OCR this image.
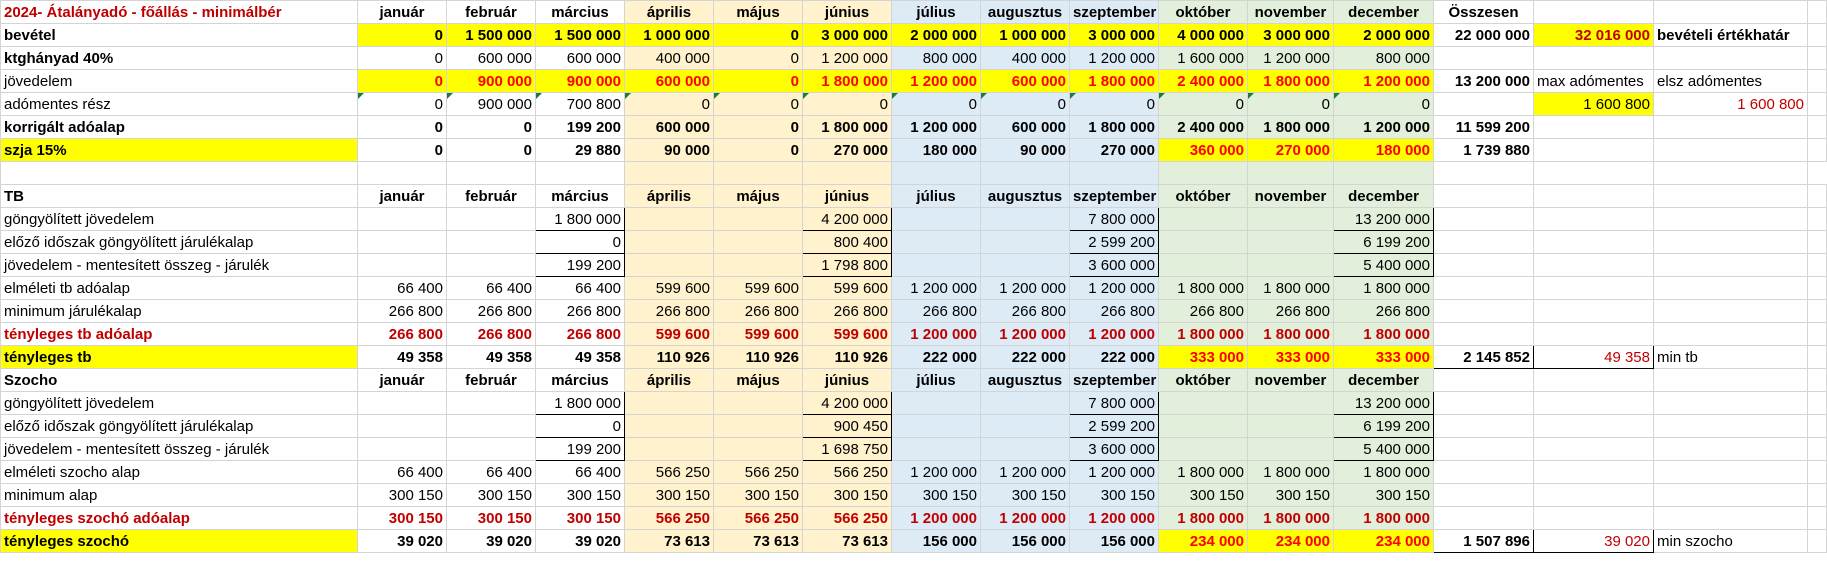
2024- Átalányadó - főállás - minimálbér	január	február	március	április	május	június	július	augusztus	szeptember	október	november	december	Összesen			
bevétel	0	1 500 000	1 500 000	1 000 000	0	3 000 000	2 000 000	1 000 000	3 000 000	4 000 000	3 000 000	2 000 000	22 000 000	32 016 000	bevételi értékhatár	
ktghányad 40%	0	600 000	600 000	400 000	0	1 200 000	800 000	400 000	1 200 000	1 600 000	1 200 000	800 000				
jövedelem	0	900 000	900 000	600 000	0	1 800 000	1 200 000	600 000	1 800 000	2 400 000	1 800 000	1 200 000	13 200 000	max adómentes	elsz adómentes	
adómentes rész	0	900 000	700 800	0	0	0	0	0	0	0	0	0		1 600 800	1 600 800	
korrigált adóalap	0	0	199 200	600 000	0	1 800 000	1 200 000	600 000	1 800 000	2 400 000	1 800 000	1 200 000	11 599 200			
szja 15%	0	0	29 880	90 000	0	270 000	180 000	90 000	270 000	360 000	270 000	180 000	1 739 880			

TB	január	február	március	április	május	június	július	augusztus	szeptember	október	november	december				
göngyölített jövedelem			1 800 000			4 200 000			7 800 000			13 200 000				
előző időszak göngyölített járulékalap			0			800 400			2 599 200			6 199 200				
jövedelem - mentesített összeg - járulék			199 200			1 798 800			3 600 000			5 400 000				
elméleti tb adóalap	66 400	66 400	66 400	599 600	599 600	599 600	1 200 000	1 200 000	1 200 000	1 800 000	1 800 000	1 800 000				
minimum járulékalap	266 800	266 800	266 800	266 800	266 800	266 800	266 800	266 800	266 800	266 800	266 800	266 800				
tényleges tb adóalap	266 800	266 800	266 800	599 600	599 600	599 600	1 200 000	1 200 000	1 200 000	1 800 000	1 800 000	1 800 000				
tényleges tb	49 358	49 358	49 358	110 926	110 926	110 926	222 000	222 000	222 000	333 000	333 000	333 000	2 145 852	49 358	min tb	
Szocho	január	február	március	április	május	június	július	augusztus	szeptember	október	november	december				
göngyölített jövedelem			1 800 000			4 200 000			7 800 000			13 200 000				
előző időszak göngyölített járulékalap			0			900 450			2 599 200			6 199 200				
jövedelem - mentesített összeg - járulék			199 200			1 698 750			3 600 000			5 400 000				
elméleti szocho alap	66 400	66 400	66 400	566 250	566 250	566 250	1 200 000	1 200 000	1 200 000	1 800 000	1 800 000	1 800 000				
minimum alap	300 150	300 150	300 150	300 150	300 150	300 150	300 150	300 150	300 150	300 150	300 150	300 150				
tényleges szochó adóalap	300 150	300 150	300 150	566 250	566 250	566 250	1 200 000	1 200 000	1 200 000	1 800 000	1 800 000	1 800 000				
tényleges szochó	39 020	39 020	39 020	73 613	73 613	73 613	156 000	156 000	156 000	234 000	234 000	234 000	1 507 896	39 020	min szocho	
